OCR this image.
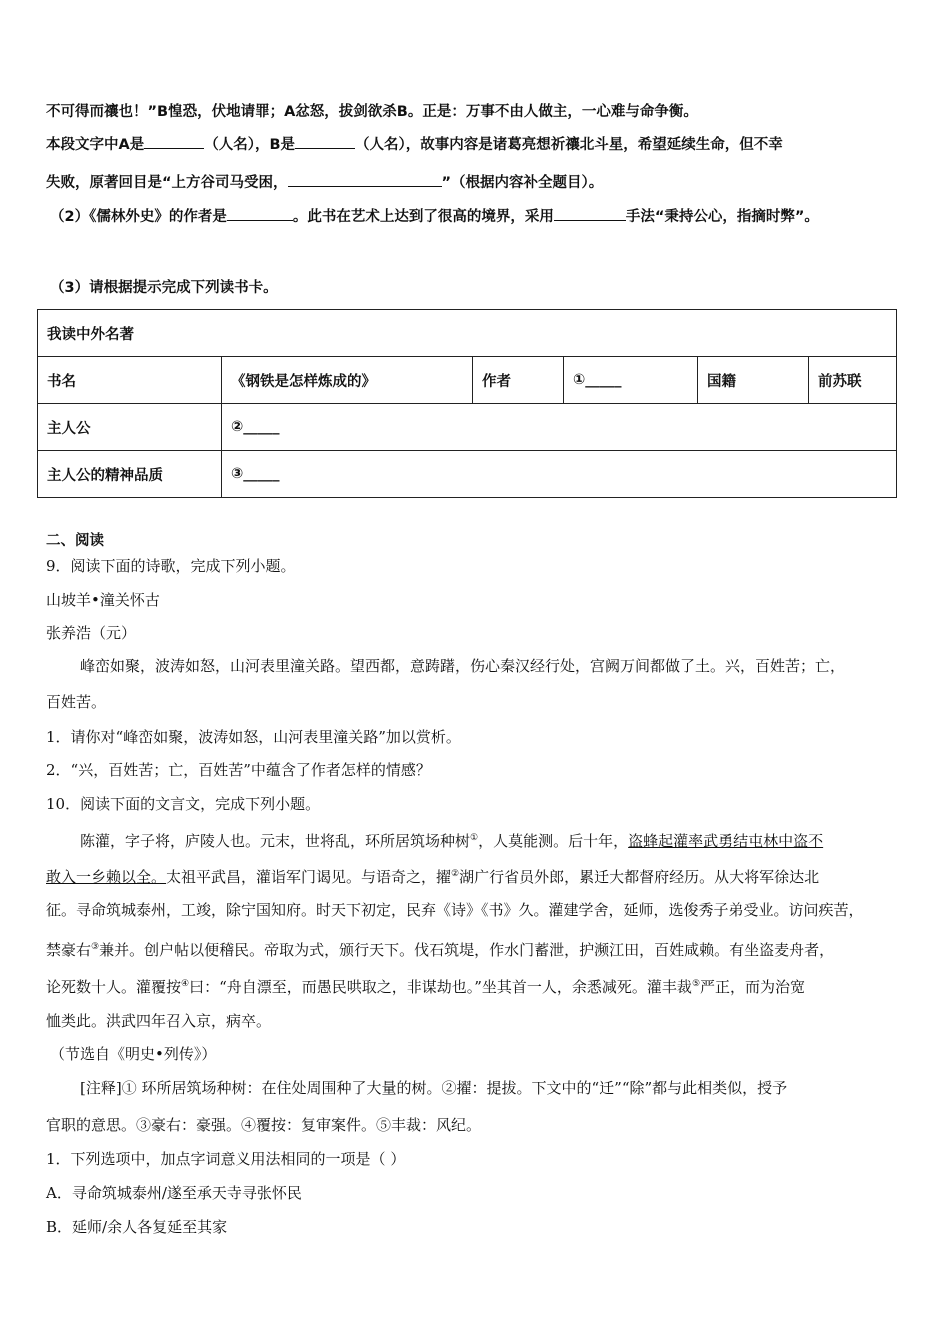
不可得而禳也！”B惶恐，伏地请罪；A忿怒，拔剑欲杀B。正是：万事不由人做主，一心难与命争衡。
本段文字中A是	（人名），B是	（人名），故事内容是诸葛亮想祈禳北斗星，希望延续生命，但不幸
失败，原著回目是“上方谷司马受困，	”（根据内容补全题目）。
（2）《儒林外史》的作者是	。此书在艺术上达到了很高的境界，采用	手法“秉持公心，指摘时弊”。
（3）请根据提示完成下列读书卡。
我读中外名著					
书名	《钢铁是怎样炼成的》	作者	①_____	国籍	前苏联
主人公	②_____				
主人公的精神品质	③_____				
二、阅读
9．阅读下面的诗歌，完成下列小题。
山坡羊•潼关怀古
张养浩（元）
峰峦如聚，波涛如怒，山河表里潼关路。望西都，意踌躇，伤心秦汉经行处，宫阙万间都做了土。兴，百姓苦；亡，
百姓苦。
1．请你对“峰峦如聚，波涛如怒，山河表里潼关路”加以赏析。
2．“兴，百姓苦；亡，百姓苦”中蕴含了作者怎样的情感？
10．阅读下面的文言文，完成下列小题。
陈灌，字子将，庐陵人也。元末，世将乱，环所居筑场种树①，人莫能测。后十年，盗蜂起灌率武勇结屯林中盗不
敢入一乡赖以全。太祖平武昌，灌诣军门谒见。与语奇之，擢②湖广行省员外郎，累迁大都督府经历。从大将军徐达北
征。寻命筑城泰州，工竣，除宁国知府。时天下初定，民弃《诗》《书》久。灌建学舍，延师，选俊秀子弟受业。访问疾苦，
禁豪右③兼并。创户帖以便稽民。帝取为式，颁行天下。伐石筑堤，作水门蓄泄，护濒江田，百姓咸赖。有坐盗麦舟者，
论死数十人。灌覆按④曰：“舟自漂至，而愚民哄取之，非谋劫也。”坐其首一人，余悉减死。灌丰裁⑤严正，而为治宽
恤类此。洪武四年召入京，病卒。
（节选自《明史•列传》）
[注释]① 环所居筑场种树：在住处周围种了大量的树。②擢：提拔。下文中的“迁”“除”都与此相类似，授予
官职的意思。③豪右：豪强。④覆按：复审案件。⑤丰裁：风纪。
1．下列选项中，加点字词意义用法相同的一项是（ ）
A．寻命筑城泰州/遂至承天寺寻张怀民
B．延师/余人各复延至其家
